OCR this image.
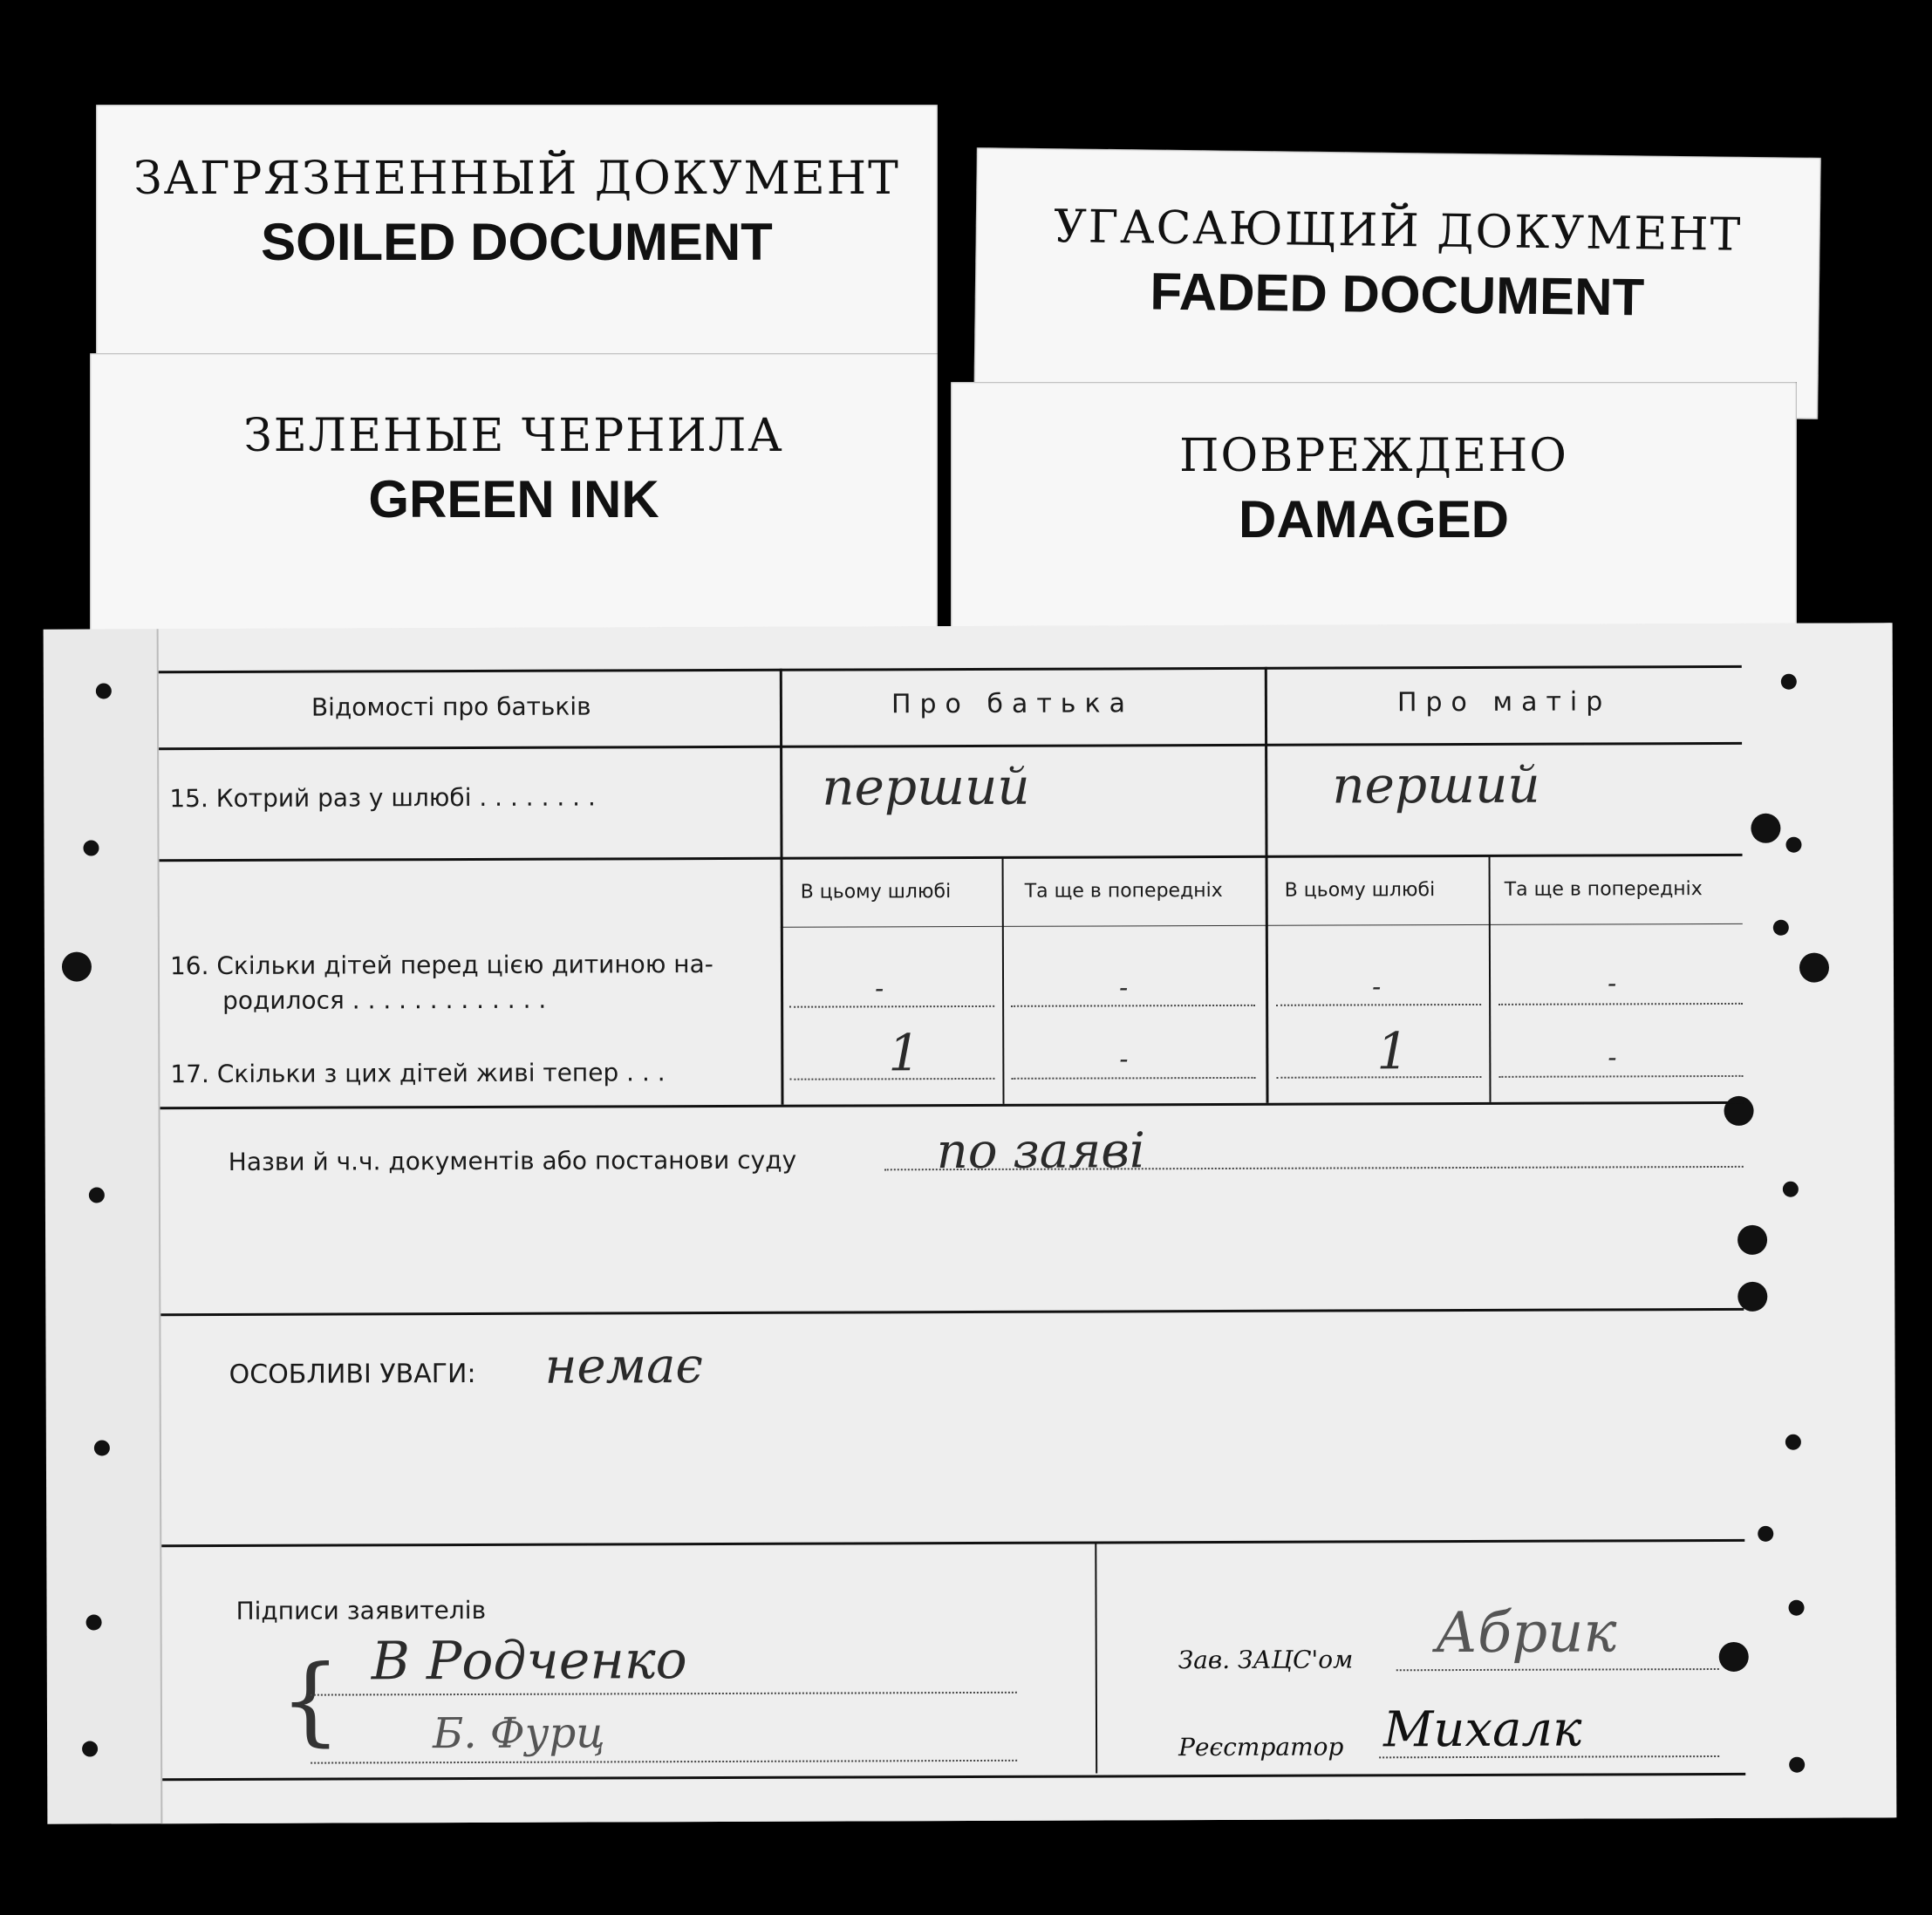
ЗАГРЯЗНЕННЫЙ ДОКУМЕНТ
SOILED DOCUMENT	УГАСАЮЩИЙ ДОКУМЕНТ
FADED DOCUMENT
ЗЕЛЕНЫЕ ЧЕРНИЛА
GREEN INK
ПОВРЕЖДЕНО
DAMAGED
Відомості про батьків	Про батька	Про матір
15. Котрий раз у шлюбі . . . . . . . .	перший	перший
В цьому шлюбі	Та ще в попередніх	В цьому шлюбі	Та ще в попередніх
16. Скільки дітей перед цією дитиною на-
родилося . . . . . . . . . . . . .	-	-	-	-
17. Скільки з цих дітей живі тепер . . .	1	-	1	-
Назви й ч.ч. документів або постанови суду	по заяві
ОСОБЛИВІ УВАГИ: немає
Підписи заявителів
{ В Родченко
Б. Фурц
Зав. ЗАЦС'ом Абрик
Реєстратор Михалк
